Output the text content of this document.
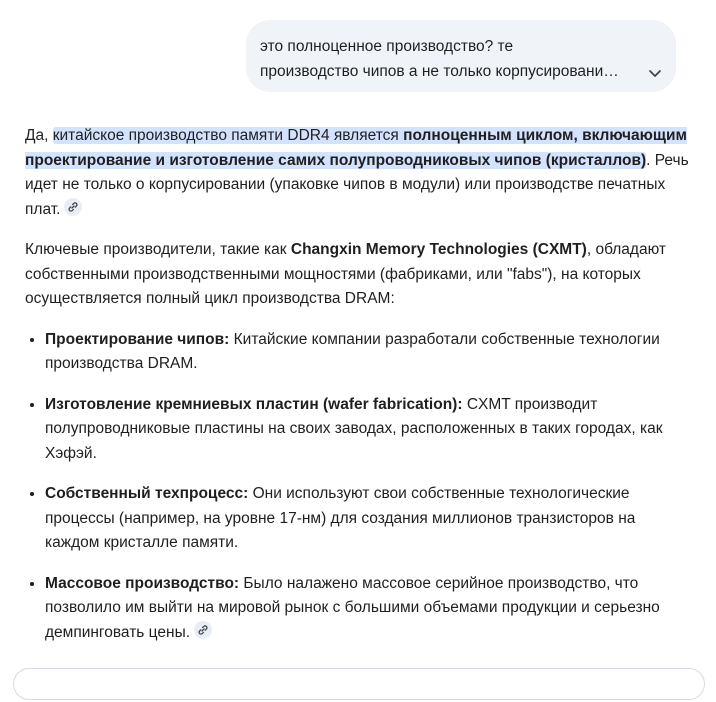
это полноценное производство? те
производство чипов а не только корпусировани…

Да, китайское производство памяти DDR4 является полноценным циклом, включающим проектирование и изготовление самих полупроводниковых чипов (кристаллов). Речь идет не только о корпусировании (упаковке чипов в модули) или производстве печатных плат.

Ключевые производители, такие как Changxin Memory Technologies (CXMT), обладают собственными производственными мощностями (фабриками, или "fabs"), на которых осуществляется полный цикл производства DRAM:

• Проектирование чипов: Китайские компании разработали собственные технологии производства DRAM.
• Изготовление кремниевых пластин (wafer fabrication): CXMT производит полупроводниковые пластины на своих заводах, расположенных в таких городах, как Хэфэй.
• Собственный техпроцесс: Они используют свои собственные технологические процессы (например, на уровне 17-нм) для создания миллионов транзисторов на каждом кристалле памяти.
• Массовое производство: Было налажено массовое серийное производство, что позволило им выйти на мировой рынок с большими объемами продукции и серьезно демпинговать цены.
